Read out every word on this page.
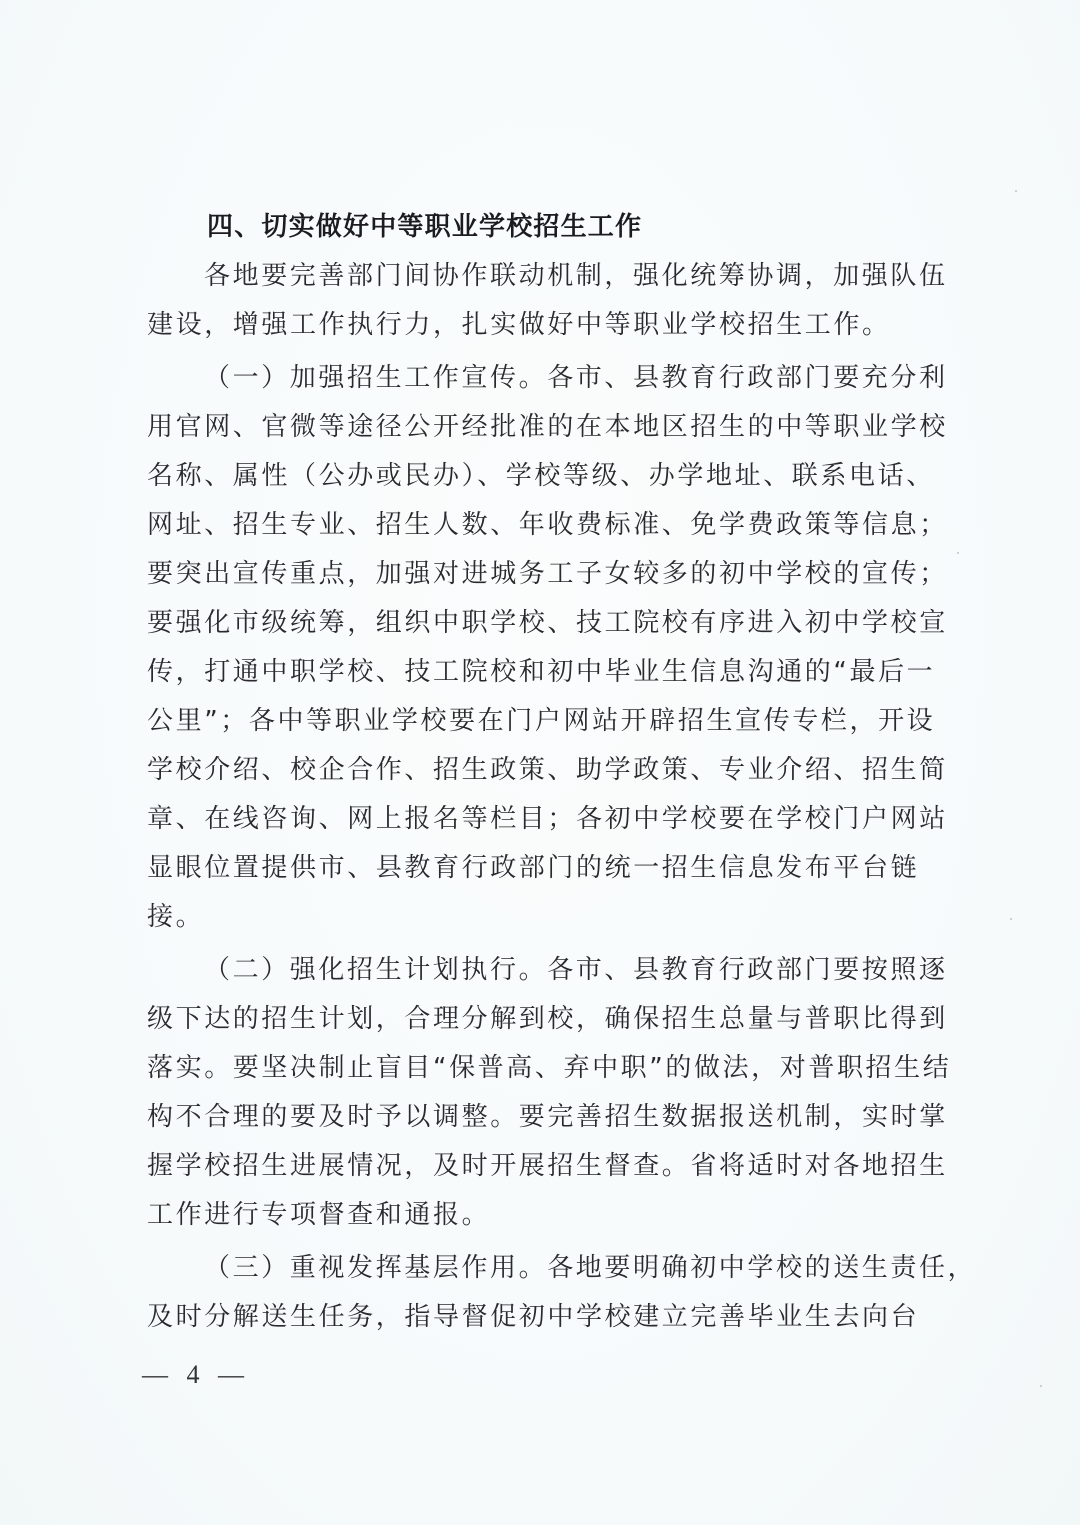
四、切实做好中等职业学校招生工作
各地要完善部门间协作联动机制，强化统筹协调，加强队伍
建设，增强工作执行力，扎实做好中等职业学校招生工作。
（一）加强招生工作宣传。各市、县教育行政部门要充分利
用官网、官微等途径公开经批准的在本地区招生的中等职业学校
名称、属性（公办或民办）、学校等级、办学地址、联系电话、
网址、招生专业、招生人数、年收费标准、免学费政策等信息；
要突出宣传重点，加强对进城务工子女较多的初中学校的宣传；
要强化市级统筹，组织中职学校、技工院校有序进入初中学校宣
传，打通中职学校、技工院校和初中毕业生信息沟通的“最后一
公里”；各中等职业学校要在门户网站开辟招生宣传专栏，开设
学校介绍、校企合作、招生政策、助学政策、专业介绍、招生简
章、在线咨询、网上报名等栏目；各初中学校要在学校门户网站
显眼位置提供市、县教育行政部门的统一招生信息发布平台链
接。
（二）强化招生计划执行。各市、县教育行政部门要按照逐
级下达的招生计划，合理分解到校，确保招生总量与普职比得到
落实。要坚决制止盲目“保普高、弃中职”的做法，对普职招生结
构不合理的要及时予以调整。要完善招生数据报送机制，实时掌
握学校招生进展情况，及时开展招生督查。省将适时对各地招生
工作进行专项督查和通报。
（三）重视发挥基层作用。各地要明确初中学校的送生责任，
及时分解送生任务，指导督促初中学校建立完善毕业生去向台
— 4 —
